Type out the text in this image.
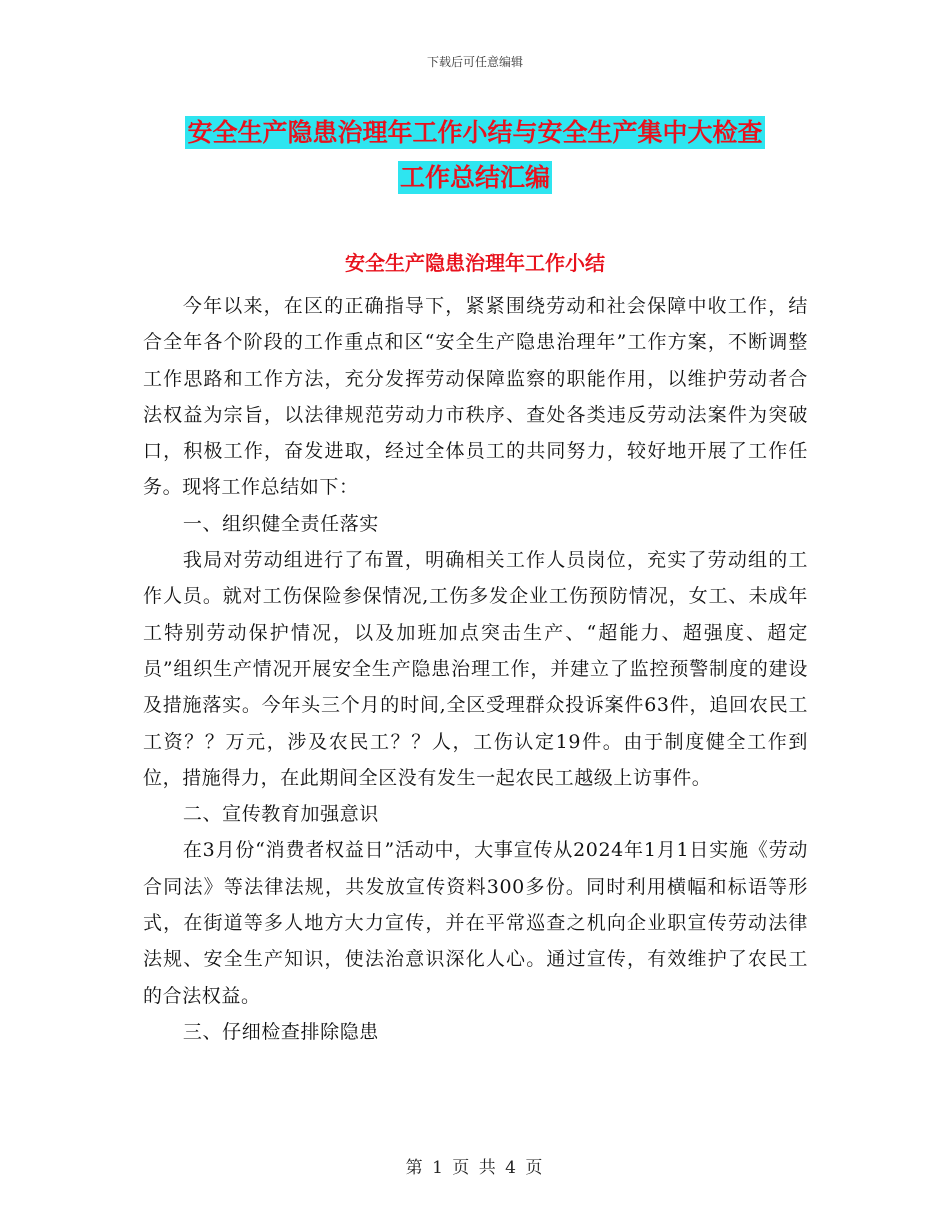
下载后可任意编辑
安全生产隐患治理年工作小结与安全生产集中大检查
工作总结汇编
安全生产隐患治理年工作小结

今年以来，在区的正确指导下，紧紧围绕劳动和社会保障中收工作，结合全年各个阶段的工作重点和区“安全生产隐患治理年”工作方案，不断调整工作思路和工作方法，充分发挥劳动保障监察的职能作用，以维护劳动者合法权益为宗旨，以法律规范劳动力市秩序、查处各类违反劳动法案件为突破口，积极工作，奋发进取，经过全体员工的共同努力，较好地开展了工作任务。现将工作总结如下：

一、组织健全责任落实

我局对劳动组进行了布置，明确相关工作人员岗位，充实了劳动组的工作人员。就对工伤保险参保情况,工伤多发企业工伤预防情况，女工、未成年工特别劳动保护情况，以及加班加点突击生产、“超能力、超强度、超定员”组织生产情况开展安全生产隐患治理工作，并建立了监控预警制度的建设及措施落实。今年头三个月的时间,全区受理群众投诉案件63件，追回农民工工资？？万元，涉及农民工？？人，工伤认定19件。由于制度健全工作到位，措施得力，在此期间全区没有发生一起农民工越级上访事件。

二、宣传教育加强意识

在3月份“消费者权益日”活动中，大事宣传从2024年1月1日实施《劳动合同法》等法律法规，共发放宣传资料300多份。同时利用横幅和标语等形式，在街道等多人地方大力宣传，并在平常巡查之机向企业职宣传劳动法律法规、安全生产知识，使法治意识深化人心。通过宣传，有效维护了农民工的合法权益。

三、仔细检查排除隐患

第 1 页 共 4 页
